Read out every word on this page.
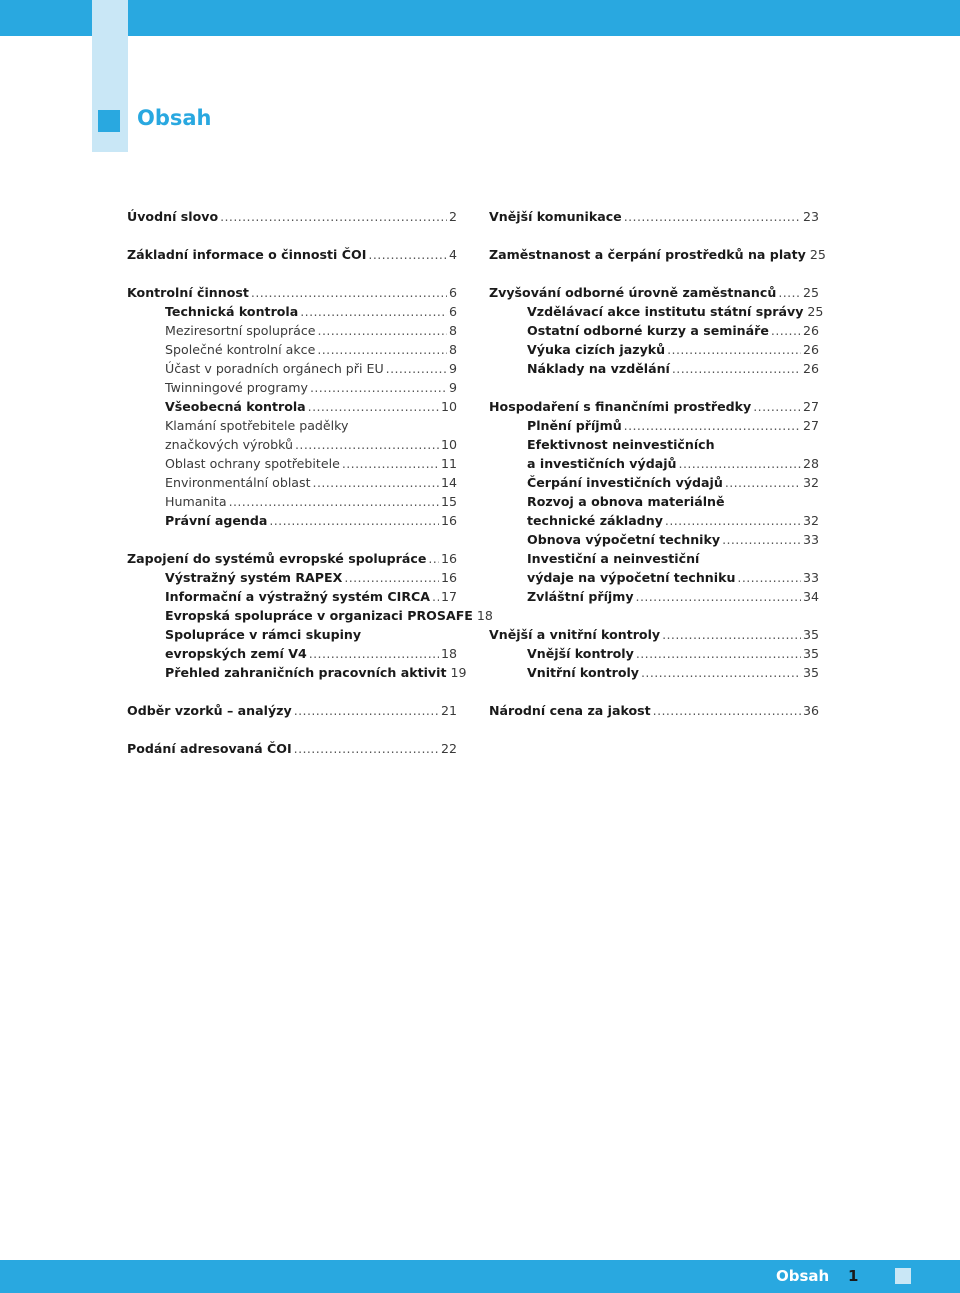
Obsah
Úvodní slovo . . .	2
Základní informace o činnosti ČOI . . .	4
Kontrolní činnost . . .	6
Technická kontrola . . .	6
Meziresortní spolupráce . . .	8
Společné kontrolní akce . . .	8
Účast v poradních orgánech při EU . . .	9
Twinningové programy . . .	9
Všeobecná kontrola . . .	10
Klamání spotřebitele padělky
značkových výrobků . . .	10
Oblast ochrany spotřebitele . . .	11
Environmentální oblast . . .	14
Humanita . . .	15
Právní agenda . . .	16
Zapojení do systémů evropské spolupráce . . . 16
Výstražný systém RAPEX . . .	16
Informační a výstražný systém CIRCA . . . 17
Evropská spolupráce v organizaci PROSAFE 18
Spolupráce v rámci skupiny
evropských zemí V4 . . .	18
Přehled zahraničních pracovních aktivit 19
Odběr vzorků – analýzy . . .	21
Podání adresovaná ČOI . . .	22
Vnější komunikace . . .	23
Zaměstnanost a čerpání prostředků na platy 25
Zvyšování odborné úrovně zaměstnanců . . . 25
Vzdělávací akce institutu státní správy 25
Ostatní odborné kurzy a semináře . . .	26
Výuka cizích jazyků . . .	26
Náklady na vzdělání . . .	26
Hospodaření s finančními prostředky . . .	27
Plnění příjmů . . .	27
Efektivnost neinvestičních
a investičních výdajů . . .	28
Čerpání investičních výdajů . . .	32
Rozvoj a obnova materiálně
technické základny . . .	32
Obnova výpočetní techniky . . .	33
Investiční a neinvestiční
výdaje na výpočetní techniku . . .	33
Zvláštní příjmy . . .	34
Vnější a vnitřní kontroly . . .	35
Vnější kontroly . . .	35
Vnitřní kontroly . . .	35
Národní cena za jakost . . .	36
Obsah 1
